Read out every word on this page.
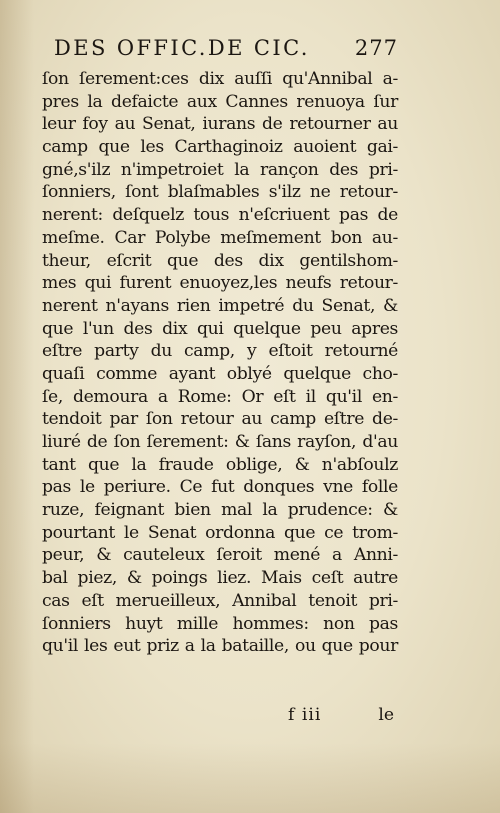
DES OFFIC.DE CIC. 277
ſon ſerement:ces dix auſſi qu'Annibal a-
pres la defaicte aux Cannes renuoya ſur
leur foy au Senat, iurans de retourner au
camp que les Carthaginoiz auoient gai-
gné,s'ilz n'impetroiet la rançon des pri-
ſonniers, ſont blaſmables s'ilz ne retour-
nerent: deſquelz tous n'eſcriuent pas de
meſme. Car Polybe meſmement bon au-
theur, eſcrit que des dix gentilshom-
mes qui furent enuoyez,les neufs retour-
nerent n'ayans rien impetré du Senat, &
que l'un des dix qui quelque peu apres
eſtre party du camp, y eſtoit retourné
quaſi comme ayant oblyé quelque cho-
ſe, demoura a Rome: Or eſt il qu'il en-
tendoit par ſon retour au camp eſtre de-
liuré de ſon ſerement: & ſans rayſon, d'au
tant que la fraude oblige, & n'abſoulz
pas le periure. Ce fut donques vne folle
ruze, feignant bien mal la prudence: &
pourtant le Senat ordonna que ce trom-
peur, & cauteleux ſeroit mené a Anni-
bal piez, & poings liez. Mais ceſt autre
cas eſt merueilleux, Annibal tenoit pri-
ſonniers huyt mille hommes: non pas
qu'il les eut priz a la bataille, ou que pour
f iii	le
